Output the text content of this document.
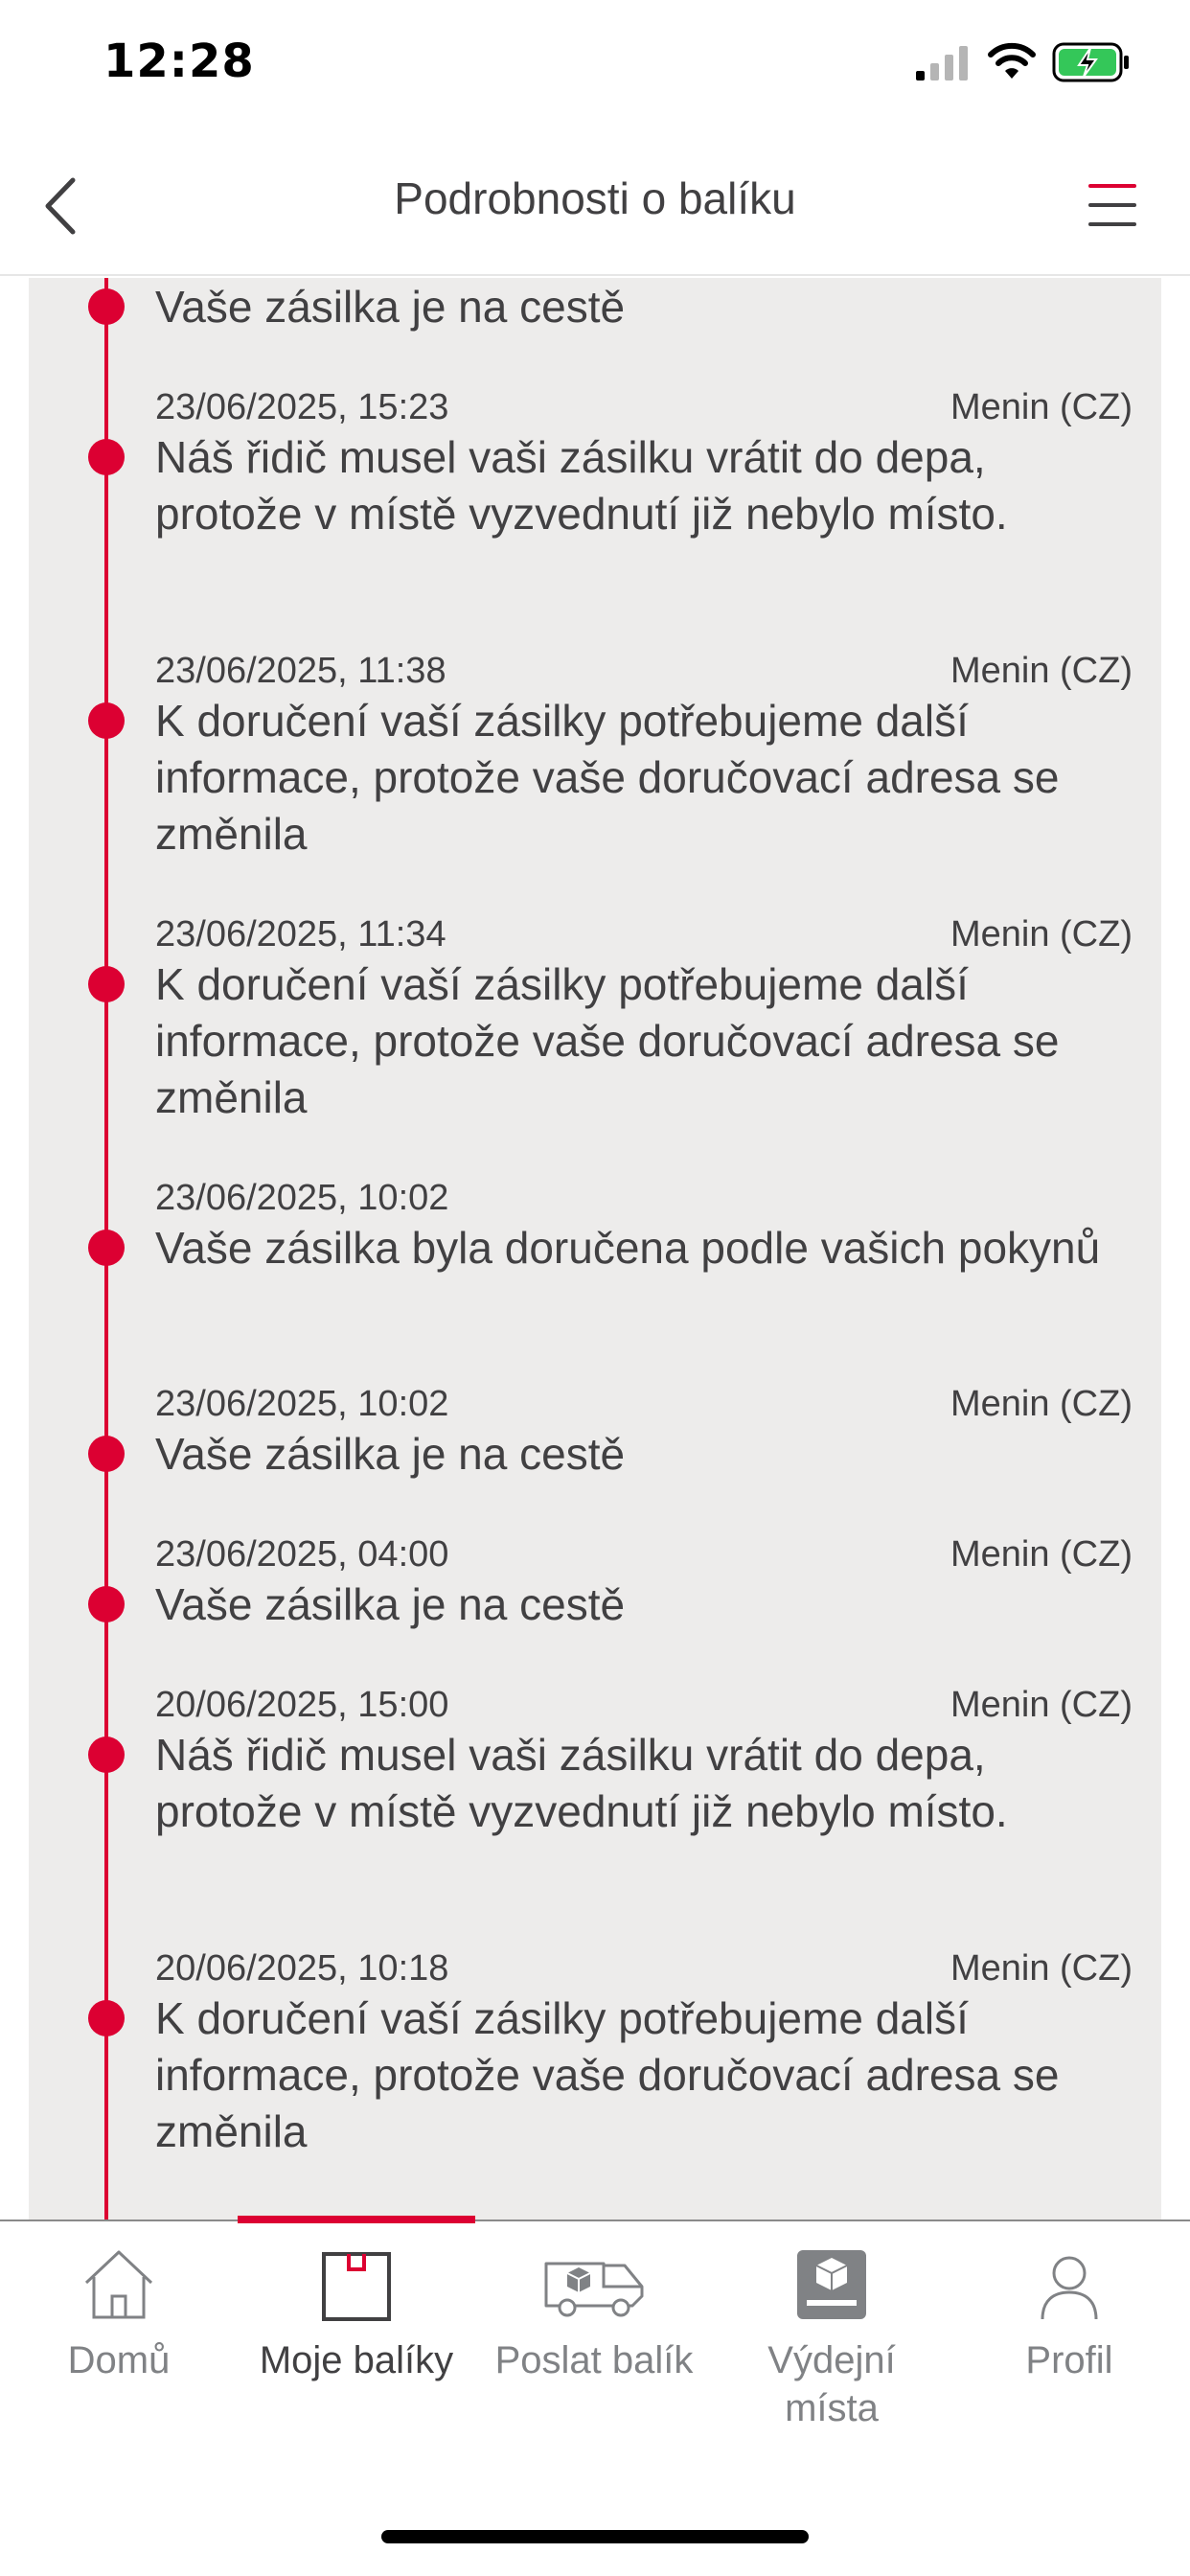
12:28
Podrobnosti o balíku
Vaše zásilka je na cestě
23/06/2025, 15:23	Menin (CZ)
Náš řidič musel vaši zásilku vrátit do depa, protože v místě vyzvednutí již nebylo místo.
23/06/2025, 11:38	Menin (CZ)
K doručení vaší zásilky potřebujeme další informace, protože vaše doručovací adresa se změnila
23/06/2025, 11:34	Menin (CZ)
K doručení vaší zásilky potřebujeme další informace, protože vaše doručovací adresa se změnila
23/06/2025, 10:02
Vaše zásilka byla doručena podle vašich pokynů
23/06/2025, 10:02	Menin (CZ)
Vaše zásilka je na cestě
23/06/2025, 04:00	Menin (CZ)
Vaše zásilka je na cestě
20/06/2025, 15:00	Menin (CZ)
Náš řidič musel vaši zásilku vrátit do depa, protože v místě vyzvednutí již nebylo místo.
20/06/2025, 10:18	Menin (CZ)
K doručení vaší zásilky potřebujeme další informace, protože vaše doručovací adresa se změnila
Domů	Moje balíky	Poslat balík	Výdejní
místa
Profil
